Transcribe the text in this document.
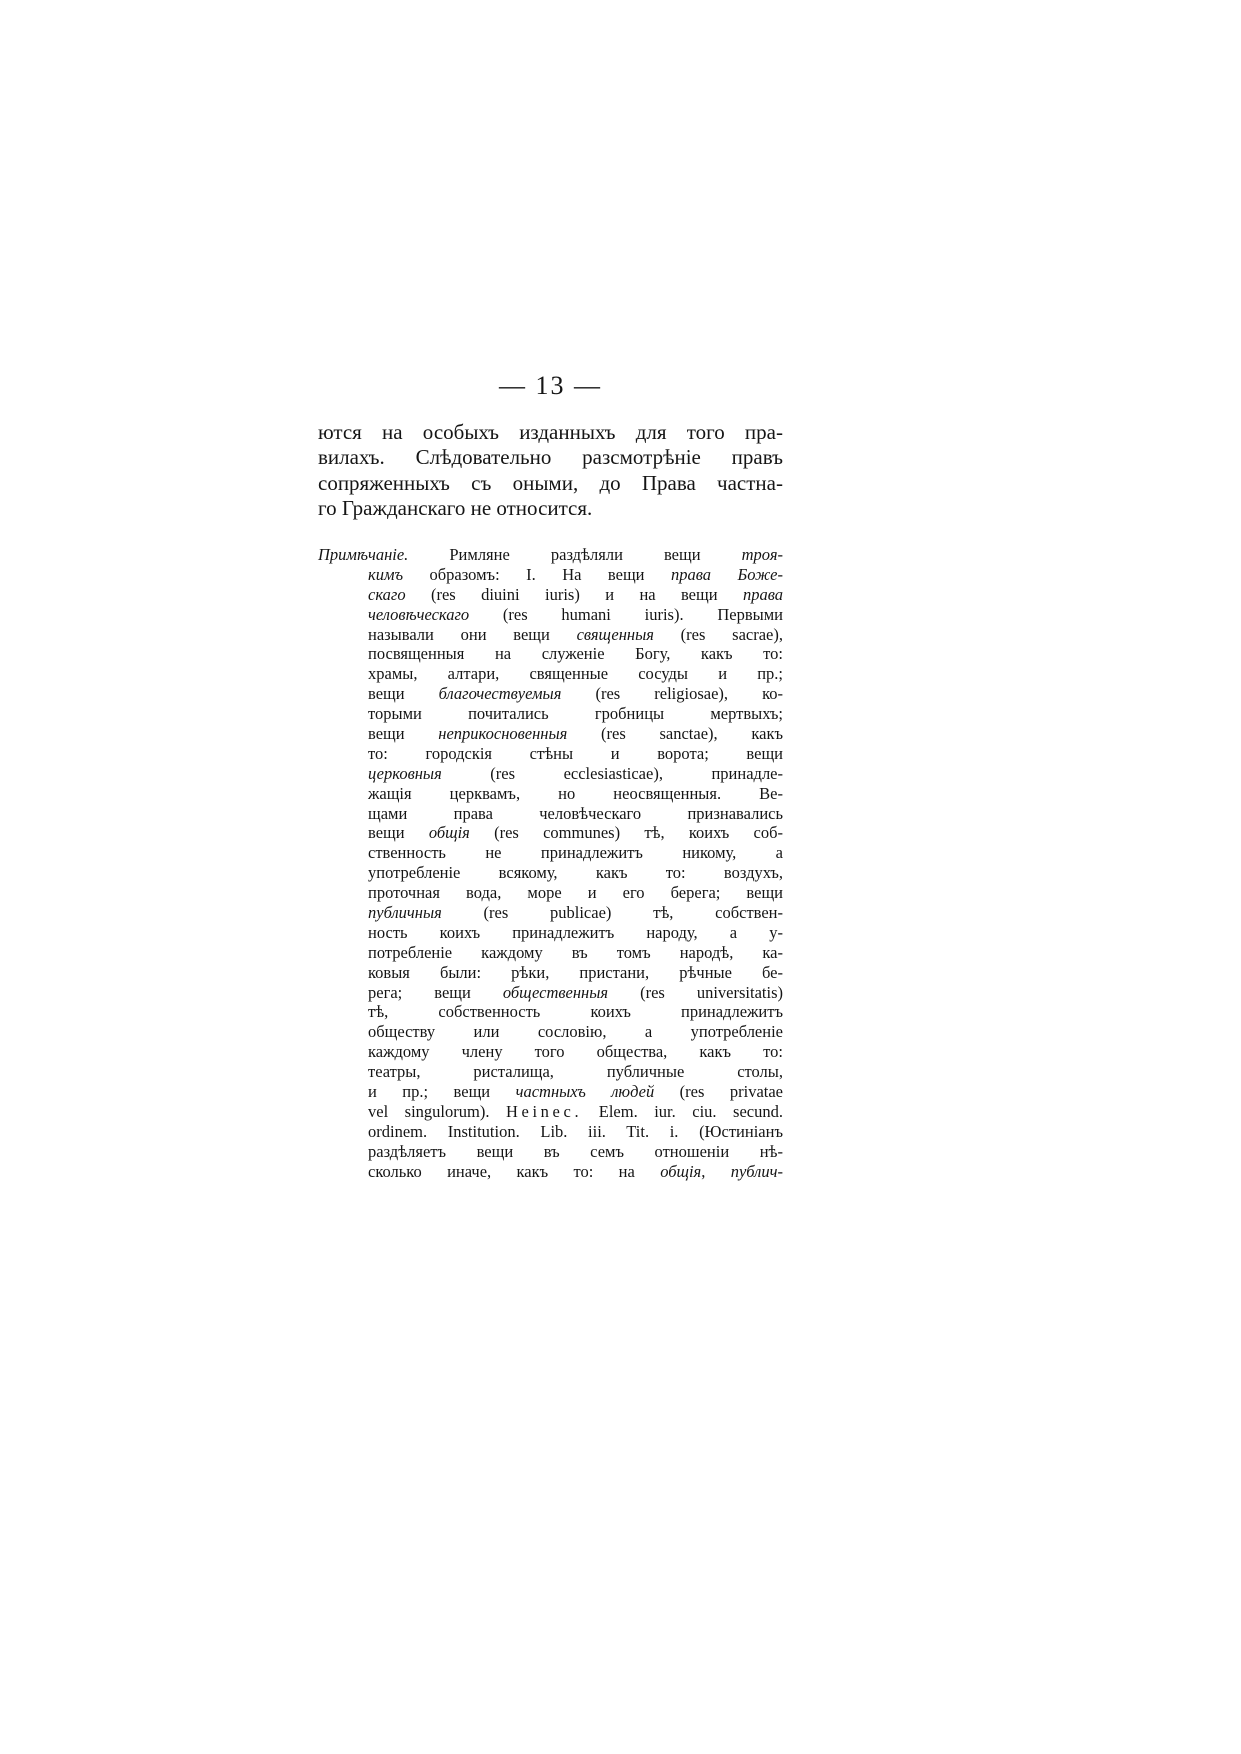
— 13 —
ются на особыхъ изданныхъ для того пра-
вилахъ. Слѣдовательно разсмотрѣніе правъ
сопряженныхъ съ оными, до Права частна-
го Гражданскаго не относится.
Примѣчаніе. Римляне раздѣляли вещи троя-
кимъ образомъ: I. На вещи права Боже-
скаго (res diuini iuris) и на вещи права
человѣческаго (res humani iuris). Первыми
называли они вещи священныя (res sacrae),
посвященныя на служеніе Богу, какъ то:
храмы, алтари, священные сосуды и пр.;
вещи благочествуемыя (res religiosae), ко-
торыми почитались гробницы мертвыхъ;
вещи неприкосновенныя (res sanctae), какъ
то: городскія стѣны и ворота; вещи
церковныя (res ecclesiasticae), принадле-
жащія церквамъ, но неосвященныя. Ве-
щами права человѣческаго признавались
вещи общія (res communes) тѣ, коихъ соб-
ственность не принадлежитъ никому, а
употребленіе всякому, какъ то: воздухъ,
проточная вода, море и его берега; вещи
публичныя (res publicae) тѣ, собствен-
ность коихъ принадлежитъ народу, а у-
потребленіе каждому въ томъ народѣ, ка-
ковыя были: рѣки, пристани, рѣчные бе-
рега; вещи общественныя (res universitatis)
тѣ, собственность коихъ принадлежитъ
обществу или сословію, а употребленіе
каждому члену того общества, какъ то:
театры, ристалища, публичные столы,
и пр.; вещи частныхъ людей (res privatae
vel singulorum). Heinec. Elem. iur. ciu. secund.
ordinem. Institution. Lib. iii. Tit. i. (Юстиніанъ
раздѣляетъ вещи въ семъ отношеніи нѣ-
сколько иначе, какъ то: на общія, публич-
